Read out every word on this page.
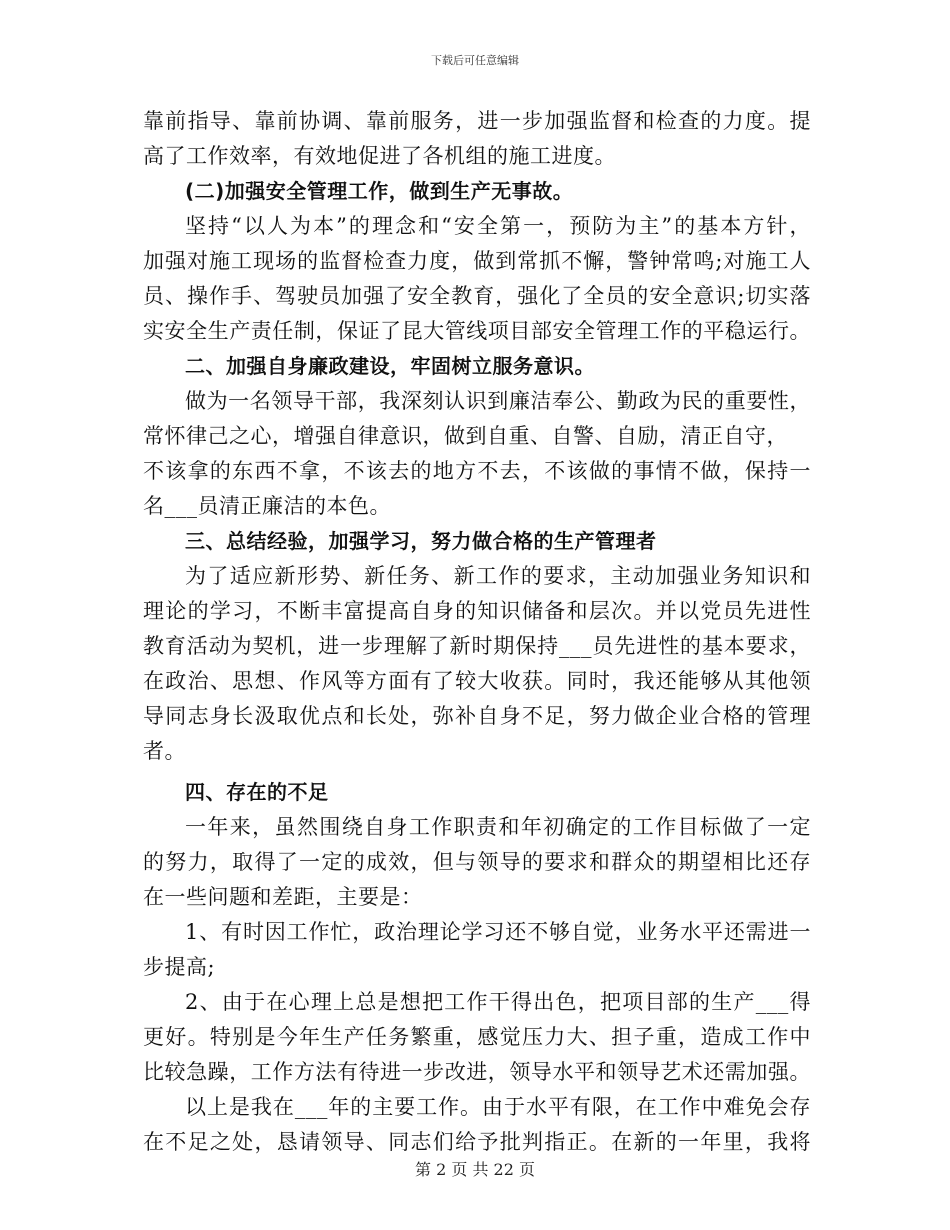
下载后可任意编辑
靠前指导、靠前协调、靠前服务，进一步加强监督和检查的力度。提
高了工作效率，有效地促进了各机组的施工进度。
(二)加强安全管理工作，做到生产无事故。
坚持“以人为本”的理念和“安全第一，预防为主”的基本方针，
加强对施工现场的监督检查力度，做到常抓不懈，警钟常鸣;对施工人
员、操作手、驾驶员加强了安全教育，强化了全员的安全意识;切实落
实安全生产责任制，保证了昆大管线项目部安全管理工作的平稳运行。
二、加强自身廉政建设，牢固树立服务意识。
做为一名领导干部，我深刻认识到廉洁奉公、勤政为民的重要性，
常怀律己之心，增强自律意识，做到自重、自警、自励，清正自守，
不该拿的东西不拿，不该去的地方不去，不该做的事情不做，保持一
名___员清正廉洁的本色。
三、总结经验，加强学习，努力做合格的生产管理者
为了适应新形势、新任务、新工作的要求，主动加强业务知识和
理论的学习，不断丰富提高自身的知识储备和层次。并以党员先进性
教育活动为契机，进一步理解了新时期保持___员先进性的基本要求，
在政治、思想、作风等方面有了较大收获。同时，我还能够从其他领
导同志身长汲取优点和长处，弥补自身不足，努力做企业合格的管理
者。
四、存在的不足
一年来，虽然围绕自身工作职责和年初确定的工作目标做了一定
的努力，取得了一定的成效，但与领导的要求和群众的期望相比还存
在一些问题和差距，主要是：
1、有时因工作忙，政治理论学习还不够自觉，业务水平还需进一
步提高;
2、由于在心理上总是想把工作干得出色，把项目部的生产___得
更好。特别是今年生产任务繁重，感觉压力大、担子重，造成工作中
比较急躁，工作方法有待进一步改进，领导水平和领导艺术还需加强。
以上是我在___年的主要工作。由于水平有限，在工作中难免会存
在不足之处，恳请领导、同志们给予批判指正。在新的一年里，我将
第 2 页 共 22 页
